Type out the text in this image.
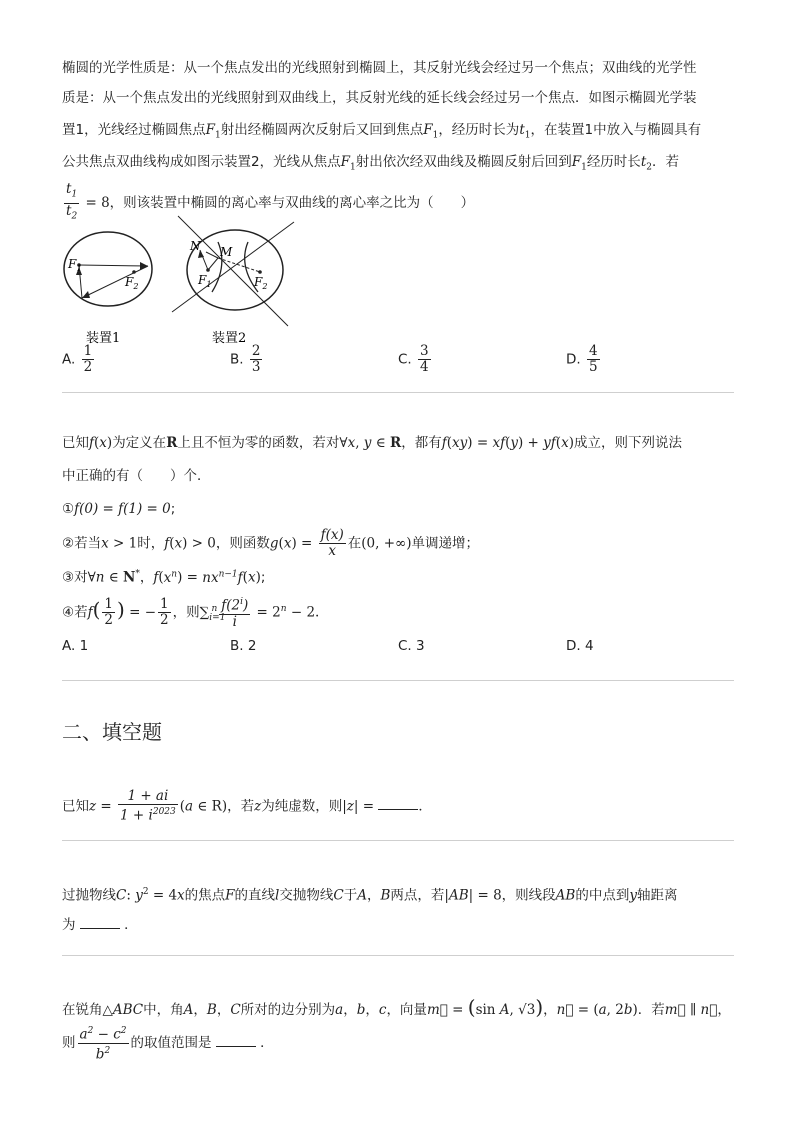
椭圆的光学性质是：从一个焦点发出的光线照射到椭圆上，其反射光线会经过另一个焦点；双曲线的光学性
质是：从一个焦点发出的光线照射到双曲线上，其反射光线的延长线会经过另一个焦点．如图示椭圆光学装
置1，光线经过椭圆焦点$F_1$射出经椭圆两次反射后又回到焦点$F_1$，经历时长为$t_1$，在装置1中放入与椭圆具有
公共焦点双曲线构成如图示装置2，光线从焦点$F_1$射出依次经双曲线及椭圆反射后回到$F_1$经历时长$t_2$．若
$\frac{t_1}{t_2} = 8$，则该装置中椭圆的离心率与双曲线的离心率之比为（　　）
$F_1$
$F_2$
N M
$F_1$	$F_2$
装置1	装置2
A. $\frac{1}{2}$	B. $\frac{2}{3}$	C. $\frac{3}{4}$	D. $\frac{4}{5}$
已知f(x)为定义在R上且不恒为零的函数，若对∀x, y ∈ R，都有f(xy) = xf(y) + yf(x)成立，则下列说法
中正确的有（　　）个．
①f(0) = f(1) = 0;
②若当x > 1时，f(x) > 0，则函数$g(x) = \frac{f(x)}{x}$ 在(0, +∞)单调递增；
③对∀n ∈ N*，$f(x^n) = nx^{n-1}f(x)$;
④若$f( \frac{1}{2}$ ) = − $\frac{1}{2}$ ，则$\sum_{i=1}^n \frac{f(2^i)}{i} = 2^n - 2$.
A. 1	B. 2	C. 3	D. 4
二、填空题
已知$z = \frac{1 + ai}{1 + i^{2023}} (a$ ∈ R)，若z为纯虚数，则|z| =	．
过抛物线C: $y^2 = 4x$的焦点F的直线l交抛物线C于A，B两点，若|AB| = 8，则线段AB的中点到y轴距离
为	．
在锐角△ABC中，角A，B，C所对的边分别为a，b，c，向量m⃗ = (sin A, √3)，n⃗ = (a, 2b)．若m⃗ ∥ n⃗，
则 $\frac{a^2 - c^2}{b^2}$ 的取值范围是	．
